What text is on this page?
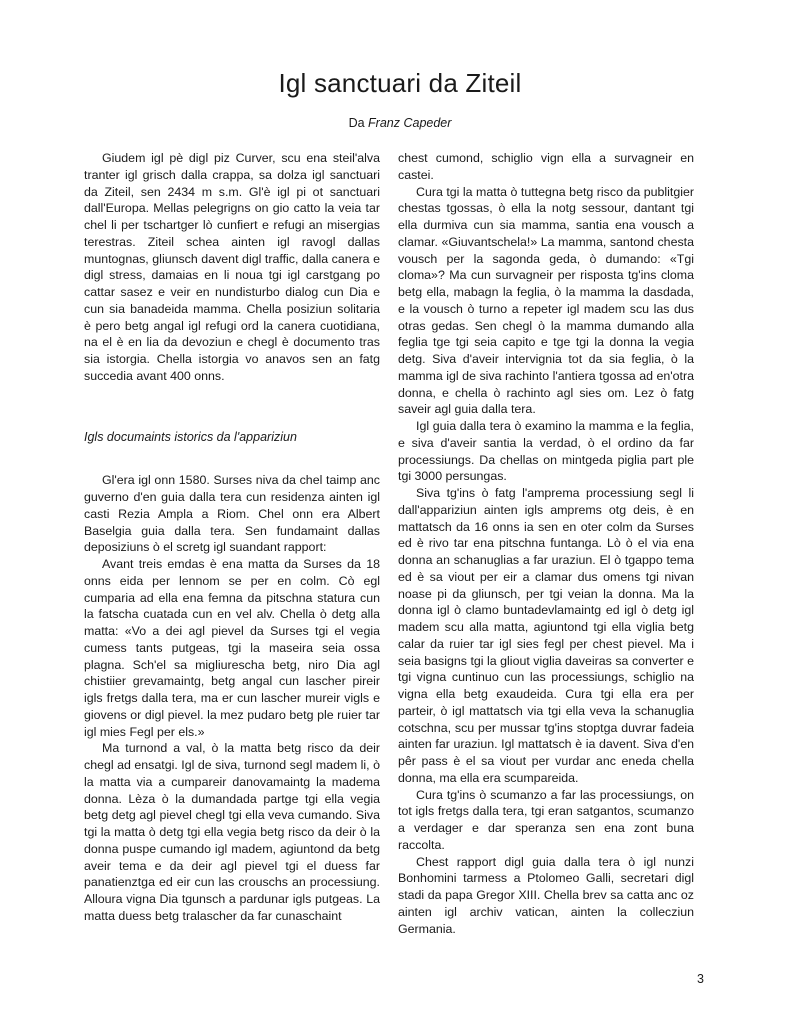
Igl sanctuari da Ziteil

Da Franz Capeder

Giudem igl pè digl piz Curver, scu ena steil'alva tranter igl grisch dalla crappa, sa dolza igl sanctuari da Ziteil, sen 2434 m s.m. Gl'è igl pi ot sanctuari dall'Europa. Mellas pelegrigns on gio catto la veia tar chel li per tschartger lò cunfiert e refugi an misergias terestras. Ziteil schea ainten igl ravogl dallas muntognas, gliunsch davent digl traffic, dalla canera e digl stress, damaias en li noua tgi igl carstgang po cattar sasez e veir en nundisturbo dialog cun Dia e cun sia banadeida mamma. Chella posiziun solitaria è pero betg angal igl refugi ord la canera cuotidiana, na el è en lia da devoziun e chegl è documento tras sia istorgia. Chella istorgia vo anavos sen an fatg succedia avant 400 onns.

Igls documaints istorics da l'appariziun

Gl'era igl onn 1580. Surses niva da chel taimp anc guverno d'en guia dalla tera cun residenza ainten igl casti Rezia Ampla a Riom. Chel onn era Albert Baselgia guia dalla tera. Sen fundamaint dallas deposiziuns ò el scretg igl suandant rapport:

Avant treis emdas è ena matta da Surses da 18 onns eida per lennom se per en colm. Cò egl cumparia ad ella ena femna da pitschna statura cun la fatscha cuatada cun en vel alv. Chella ò detg alla matta: «Vo a dei agl pievel da Surses tgi el vegia cumess tants putgeas, tgi la maseira seia ossa plagna. Sch'el sa migliurescha betg, niro Dia agl chistiier grevamaintg, betg angal cun lascher pireir igls fretgs dalla tera, ma er cun lascher mureir vigls e giovens or digl pievel. la mez pudaro betg ple ruier tar igl mies Fegl per els.»

Ma turnond a val, ò la matta betg risco da deir chegl ad ensatgi. Igl de siva, turnond segl madem li, ò la matta via a cumpareir danovamaintg la madema donna. Lèza ò la dumandada partge tgi ella vegia betg detg agl pievel chegl tgi ella veva cumando. Siva tgi la matta ò detg tgi ella vegia betg risco da deir ò la donna puspe cumando igl madem, agiuntond da betg aveir tema e da deir agl pievel tgi el duess far panatienztga ed eir cun las crouschs an processiung. Alloura vigna Dia tgunsch a pardunar igls putgeas. La matta duess betg tralascher da far cunaschaint

chest cumond, schiglio vign ella a survagneir en castei.

Cura tgi la matta ò tuttegna betg risco da publitgier chestas tgossas, ò ella la notg sessour, dantant tgi ella durmiva cun sia mamma, santia ena vousch a clamar. «Giuvantschela!» La mamma, santond chesta vousch per la sagonda geda, ò dumando: «Tgi cloma»? Ma cun survagneir per risposta tg'ins cloma betg ella, mabagn la feglia, ò la mamma la dasdada, e la vousch ò turno a repeter igl madem scu las dus otras gedas. Sen chegl ò la mamma dumando alla feglia tge tgi seia capito e tge tgi la donna la vegia detg. Siva d'aveir intervignia tot da sia feglia, ò la mamma igl de siva rachinto l'antiera tgossa ad en'otra donna, e chella ò rachinto agl sies om. Lez ò fatg saveir agl guia dalla tera.

Igl guia dalla tera ò examino la mamma e la feglia, e siva d'aveir santia la verdad, ò el ordino da far processiungs. Da chellas on mintgeda piglia part ple tgi 3000 persungas.

Siva tg'ins ò fatg l'amprema processiung segl li dall'appariziun ainten igls amprems otg deis, è en mattatsch da 16 onns ia sen en oter colm da Surses ed è rivo tar ena pitschna funtanga. Lò ò el via ena donna an schanuglias a far uraziun. El ò tgappo tema ed è sa viout per eir a clamar dus omens tgi nivan noase pi da gliunsch, per tgi veian la donna. Ma la donna igl ò clamo buntadevlamaintg ed igl ò detg igl madem scu alla matta, agiuntond tgi ella viglia betg calar da ruier tar igl sies fegl per chest pievel. Ma i seia basigns tgi la gliout viglia daveiras sa converter e tgi vigna cuntinuo cun las processiungs, schiglio na vigna ella betg exaudeida. Cura tgi ella era per parteir, ò igl mattatsch via tgi ella veva la schanuglia cotschna, scu per mussar tg'ins stoptga duvrar fadeia ainten far uraziun. Igl mattatsch è ia davent. Siva d'en pêr pass è el sa viout per vurdar anc eneda chella donna, ma ella era scumpareida.

Cura tg'ins ò scumanzo a far las processiungs, on tot igls fretgs dalla tera, tgi eran satgantos, scumanzo a verdager e dar speranza sen ena zont buna raccolta.

Chest rapport digl guia dalla tera ò igl nunzi Bonhomini tarmess a Ptolomeo Galli, secretari digl stadi da papa Gregor XIII. Chella brev sa catta anc oz ainten igl archiv vatican, ainten la collecziun Germania.

3
